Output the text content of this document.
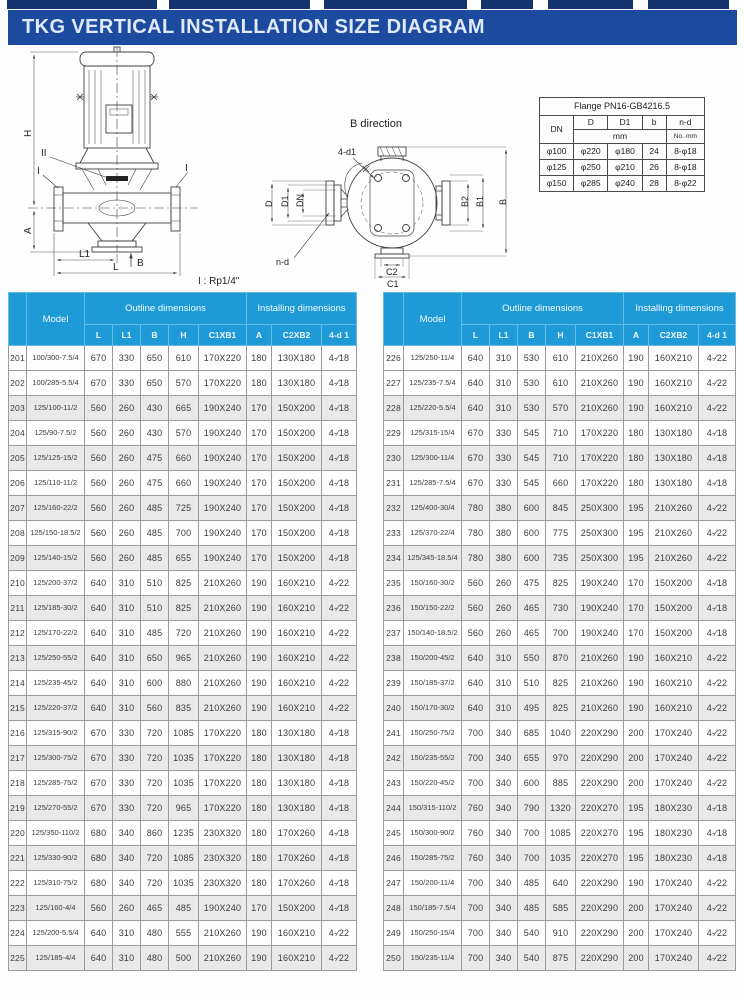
TKG VERTICAL INSTALLATION SIZE DIAGRAM
H
A
L1
L B
II
I	I

I : Rp1/4"

B direction
4-d1
n-d
D D1 DN	B2 B1 B
C2
C1
Flange PN16-GB4216.5				
DN	D	D1	b	n-d
	mm			No.·mm
φ100	φ220	φ180	24	8-φ18
φ125	φ250	φ210	26	8-φ18
φ150	φ285	φ240	28	8-φ22
	Model	Outline dimensions					Installing dimensions		
		L	L1	B	H	C1XB1	A	C2XB2	4-d 1
201	100/300-7.5/4	670	330	650	610	170X220	180	130X180	4-∕18
202	100/285-5.5/4	670	330	650	570	170X220	180	130X180	4-∕18
203	125/100-11/2	560	260	430	665	190X240	170	150X200	4-∕18
204	125/90-7.5/2	560	260	430	570	190X240	170	150X200	4-∕18
205	125/125-15/2	560	260	475	660	190X240	170	150X200	4-∕18
206	125/110-11/2	560	260	475	660	190X240	170	150X200	4-∕18
207	125/160-22/2	560	260	485	725	190X240	170	150X200	4-∕18
208	125/150-18.5/2	560	260	485	700	190X240	170	150X200	4-∕18
209	125/140-15/2	560	260	485	655	190X240	170	150X200	4-∕18
210	125/200-37/2	640	310	510	825	210X260	190	160X210	4-∕22
211	125/185-30/2	640	310	510	825	210X260	190	160X210	4-∕22
212	125/170-22/2	640	310	485	720	210X260	190	160X210	4-∕22
213	125/250-55/2	640	310	650	965	210X260	190	160X210	4-∕22
214	125/235-45/2	640	310	600	880	210X260	190	160X210	4-∕22
215	125/220-37/2	640	310	560	835	210X260	190	160X210	4-∕22
216	125/315-90/2	670	330	720	1085	170X220	180	130X180	4-∕18
217	125/300-75/2	670	330	720	1035	170X220	180	130X180	4-∕18
218	125/285-75/2	670	330	720	1035	170X220	180	130X180	4-∕18
219	125/270-55/2	670	330	720	965	170X220	180	130X180	4-∕18
220	125/350-110/2	680	340	860	1235	230X320	180	170X260	4-∕18
221	125/330-90/2	680	340	720	1085	230X320	180	170X260	4-∕18
222	125/310-75/2	680	340	720	1035	230X320	180	170X260	4-∕18
223	125/160-4/4	560	260	465	485	190X240	170	150X200	4-∕18
224	125/200-5.5/4	640	310	480	555	210X260	190	160X210	4-∕22
225	125/185-4/4	640	310	480	500	210X260	190	160X210	4-∕22
	Model	Outline dimensions					Installing dimensions		
		L	L1	B	H	C1XB1	A	C2XB2	4-d 1
226	125/250-11/4	640	310	530	610	210X260	190	160X210	4-∕22
227	125/235-7.5/4	640	310	530	610	210X260	190	160X210	4-∕22
228	125/220-5.5/4	640	310	530	570	210X260	190	160X210	4-∕22
229	125/315-15/4	670	330	545	710	170X220	180	130X180	4-∕18
230	125/300-11/4	670	330	545	710	170X220	180	130X180	4-∕18
231	125/285-7.5/4	670	330	545	660	170X220	180	130X180	4-∕18
232	125/400-30/4	780	380	600	845	250X300	195	210X260	4-∕22
233	125/370-22/4	780	380	600	775	250X300	195	210X260	4-∕22
234	125/345-18.5/4	780	380	600	735	250X300	195	210X260	4-∕22
235	150/160-30/2	560	260	475	825	190X240	170	150X200	4-∕18
236	150/150-22/2	560	260	465	730	190X240	170	150X200	4-∕18
237	150/140-18.5/2	560	260	465	700	190X240	170	150X200	4-∕18
238	150/200-45/2	640	310	550	870	210X260	190	160X210	4-∕22
239	150/185-37/2	640	310	510	825	210X260	190	160X210	4-∕22
240	150/170-30/2	640	310	495	825	210X260	190	160X210	4-∕22
241	150/250-75/2	700	340	685	1040	220X290	200	170X240	4-∕22
242	150/235-55/2	700	340	655	970	220X290	200	170X240	4-∕22
243	150/220-45/2	700	340	600	885	220X290	200	170X240	4-∕22
244	150/315-110/2	760	340	790	1320	220X270	195	180X230	4-∕18
245	150/300-90/2	760	340	700	1085	220X270	195	180X230	4-∕18
246	150/285-75/2	760	340	700	1035	220X270	195	180X230	4-∕18
247	150/200-11/4	700	340	485	640	220X290	190	170X240	4-∕22
248	150/185-7.5/4	700	340	485	585	220X290	200	170X240	4-∕22
249	150/250-15/4	700	340	540	910	220X290	200	170X240	4-∕22
250	150/235-11/4	700	340	540	875	220X290	200	170X240	4-∕22
